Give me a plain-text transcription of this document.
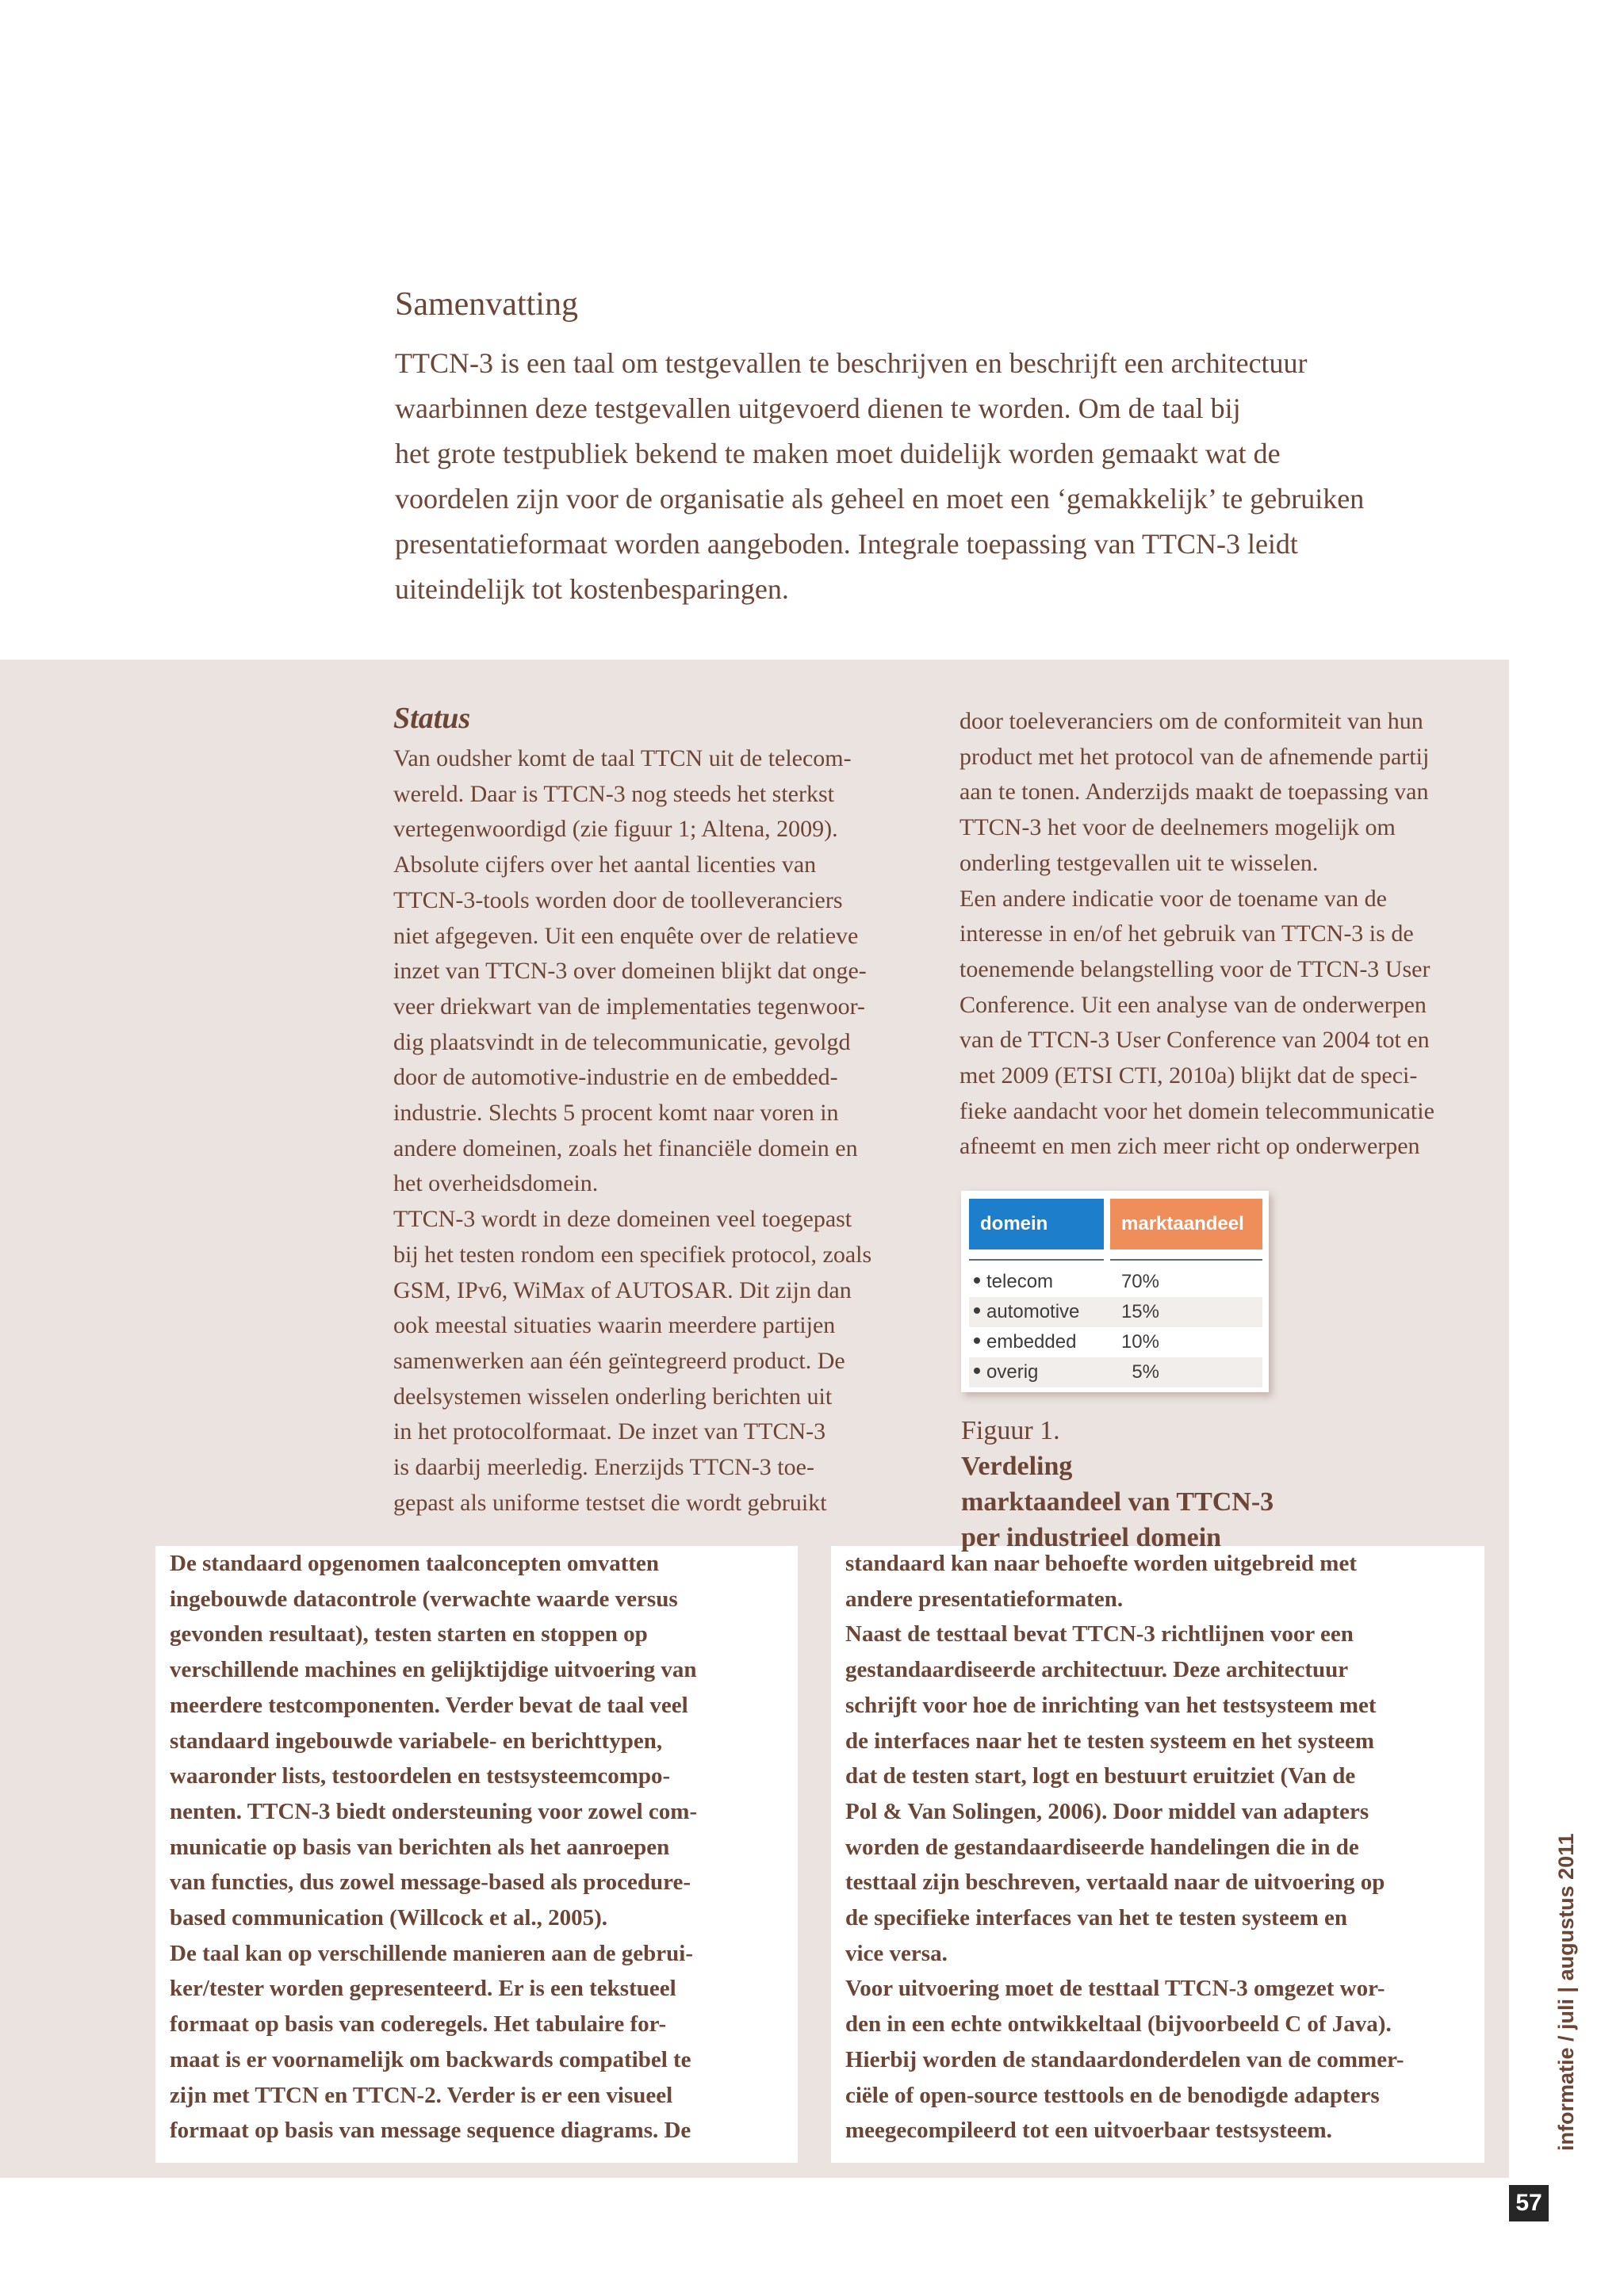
Samenvatting
TTCN-3 is een taal om testgevallen te beschrijven en beschrijft een architectuur
waarbinnen deze testgevallen uitgevoerd dienen te worden. Om de taal bij
het grote testpubliek bekend te maken moet duidelijk worden gemaakt wat de
voordelen zijn voor de organisatie als geheel en moet een ‘gemakkelijk’ te gebruiken
presentatieformaat worden aangeboden. Integrale toepassing van TTCN-3 leidt
uiteindelijk tot kostenbesparingen.
Status
Van oudsher komt de taal TTCN uit de telecom-
wereld. Daar is TTCN-3 nog steeds het sterkst
vertegenwoordigd (zie figuur 1; Altena, 2009).
Absolute cijfers over het aantal licenties van
TTCN-3-tools worden door de toolleveranciers
niet afgegeven. Uit een enquête over de relatieve
inzet van TTCN-3 over domeinen blijkt dat onge-
veer driekwart van de implementaties tegenwoor-
dig plaatsvindt in de telecommunicatie, gevolgd
door de automotive-industrie en de embedded-
industrie. Slechts 5 procent komt naar voren in
andere domeinen, zoals het financiële domein en
het overheidsdomein.
TTCN-3 wordt in deze domeinen veel toegepast
bij het testen rondom een specifiek protocol, zoals
GSM, IPv6, WiMax of AUTOSAR. Dit zijn dan
ook meestal situaties waarin meerdere partijen
samenwerken aan één geïntegreerd product. De
deelsystemen wisselen onderling berichten uit
in het protocolformaat. De inzet van TTCN-3
is daarbij meerledig. Enerzijds TTCN-3 toe-
gepast als uniforme testset die wordt gebruikt
door toeleveranciers om de conformiteit van hun
product met het protocol van de afnemende partij
aan te tonen. Anderzijds maakt de toepassing van
TTCN-3 het voor de deelnemers mogelijk om
onderling testgevallen uit te wisselen.
Een andere indicatie voor de toename van de
interesse in en/of het gebruik van TTCN-3 is de
toenemende belangstelling voor de TTCN-3 User
Conference. Uit een analyse van de onderwerpen
van de TTCN-3 User Conference van 2004 tot en
met 2009 (ETSI CTI, 2010a) blijkt dat de speci-
fieke aandacht voor het domein telecommunicatie
afneemt en men zich meer richt op onderwerpen
domein	marktaandeel
telecom	70%
automotive	15%
embedded	10%
overig	5%
Figuur 1.
Verdeling
marktaandeel van TTCN-3
per industrieel domein
De standaard opgenomen taalconcepten omvatten
ingebouwde datacontrole (verwachte waarde versus
gevonden resultaat), testen starten en stoppen op
verschillende machines en gelijktijdige uitvoering van
meerdere testcomponenten. Verder bevat de taal veel
standaard ingebouwde variabele- en berichttypen,
waaronder lists, testoordelen en testsysteemcompo-
nenten. TTCN-3 biedt ondersteuning voor zowel com-
municatie op basis van berichten als het aanroepen
van functies, dus zowel message-based als procedure-
based communication (Willcock et al., 2005).
De taal kan op verschillende manieren aan de gebrui-
ker/tester worden gepresenteerd. Er is een tekstueel
formaat op basis van coderegels. Het tabulaire for-
maat is er voornamelijk om backwards compatibel te
zijn met TTCN en TTCN-2. Verder is er een visueel
formaat op basis van message sequence diagrams. De
standaard kan naar behoefte worden uitgebreid met
andere presentatieformaten.
Naast de testtaal bevat TTCN-3 richtlijnen voor een
gestandaardiseerde architectuur. Deze architectuur
schrijft voor hoe de inrichting van het testsysteem met
de interfaces naar het te testen systeem en het systeem
dat de testen start, logt en bestuurt eruitziet (Van de
Pol & Van Solingen, 2006). Door middel van adapters
worden de gestandaardiseerde handelingen die in de
testtaal zijn beschreven, vertaald naar de uitvoering op
de specifieke interfaces van het te testen systeem en
vice versa.
Voor uitvoering moet de testtaal TTCN-3 omgezet wor-
den in een echte ontwikkeltaal (bijvoorbeeld C of Java).
Hierbij worden de standaardonderdelen van de commer-
ciële of open-source testtools en de benodigde adapters
meegecompileerd tot een uitvoerbaar testsysteem.	informatie / juli | augustus 2011
57
